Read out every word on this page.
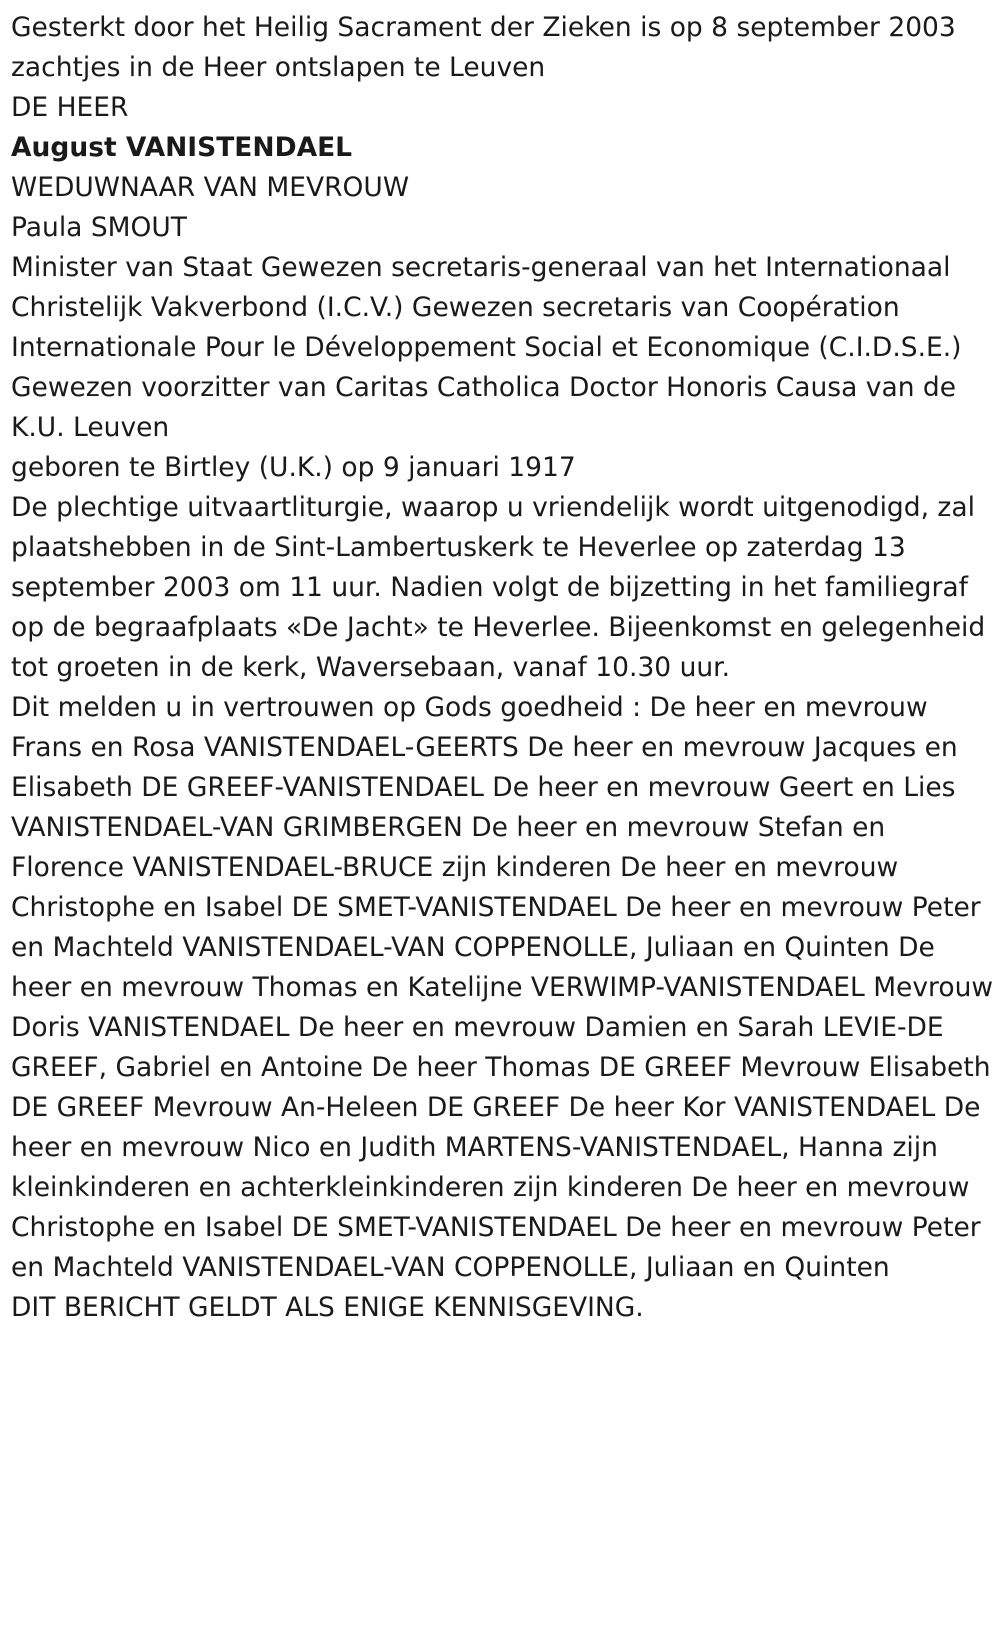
Gesterkt door het Heilig Sacrament der Zieken is op 8 september 2003 zachtjes in de Heer ontslapen te Leuven

DE HEER

August VANISTENDAEL

WEDUWNAAR VAN MEVROUW

Paula SMOUT

Minister van Staat Gewezen secretaris-generaal van het Internationaal Christelijk Vakverbond (I.C.V.) Gewezen secretaris van Coopération Internationale Pour le Développement Social et Economique (C.I.D.S.E.) Gewezen voorzitter van Caritas Catholica Doctor Honoris Causa van de K.U. Leuven

geboren te Birtley (U.K.) op 9 januari 1917

De plechtige uitvaartliturgie, waarop u vriendelijk wordt uitgenodigd, zal plaatshebben in de Sint-Lambertuskerk te Heverlee op zaterdag 13 september 2003 om 11 uur. Nadien volgt de bijzetting in het familiegraf op de begraafplaats «De Jacht» te Heverlee. Bijeenkomst en gelegenheid tot groeten in de kerk, Waversebaan, vanaf 10.30 uur.

Dit melden u in vertrouwen op Gods goedheid : De heer en mevrouw Frans en Rosa VANISTENDAEL-GEERTS De heer en mevrouw Jacques en Elisabeth DE GREEF-VANISTENDAEL De heer en mevrouw Geert en Lies VANISTENDAEL-VAN GRIMBERGEN De heer en mevrouw Stefan en Florence VANISTENDAEL-BRUCE zijn kinderen De heer en mevrouw Christophe en Isabel DE SMET-VANISTENDAEL De heer en mevrouw Peter en Machteld VANISTENDAEL-VAN COPPENOLLE, Juliaan en Quinten De heer en mevrouw Thomas en Katelijne VERWIMP-VANISTENDAEL Mevrouw Doris VANISTENDAEL De heer en mevrouw Damien en Sarah LEVIE-DE GREEF, Gabriel en Antoine De heer Thomas DE GREEF Mevrouw Elisabeth DE GREEF Mevrouw An-Heleen DE GREEF De heer Kor VANISTENDAEL De heer en mevrouw Nico en Judith MARTENS-VANISTENDAEL, Hanna zijn kleinkinderen en achterkleinkinderen zijn kinderen De heer en mevrouw Christophe en Isabel DE SMET-VANISTENDAEL De heer en mevrouw Peter en Machteld VANISTENDAEL-VAN COPPENOLLE, Juliaan en Quinten

DIT BERICHT GELDT ALS ENIGE KENNISGEVING.
